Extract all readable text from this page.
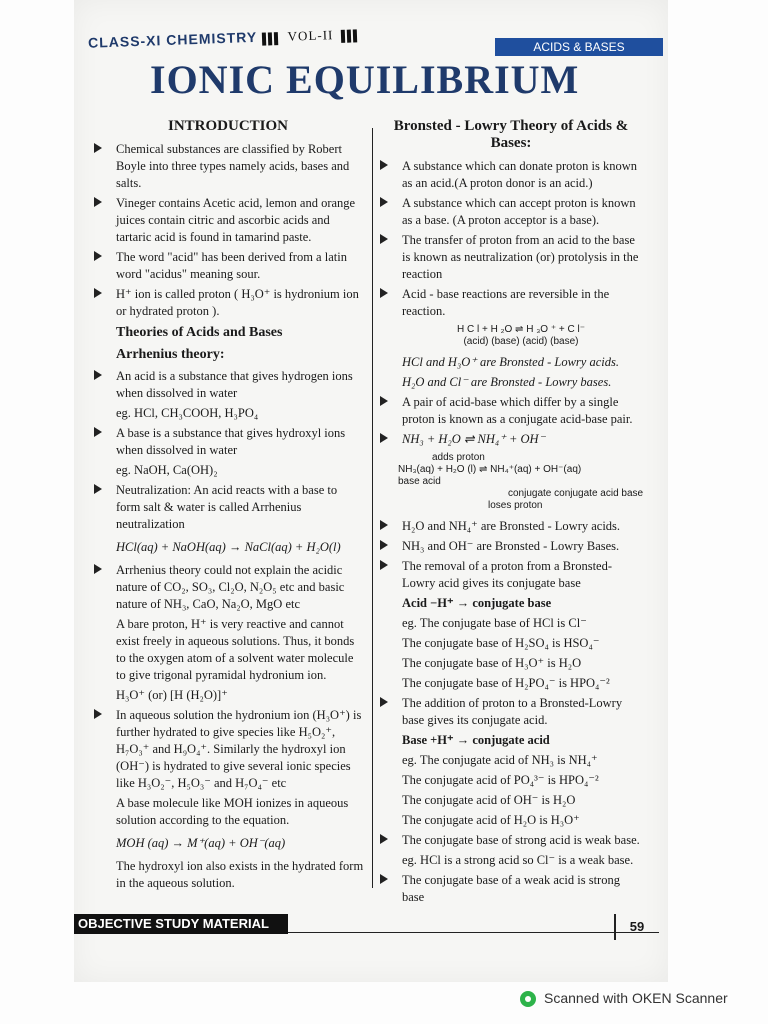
CLASS-XI CHEMISTRY VOL-II
ACIDS & BASES
IONIC EQUILIBRIUM
INTRODUCTION
Chemical substances are classified by Robert Boyle into three types namely acids, bases and salts.
Vineger contains Acetic acid, lemon and orange juices contain citric and ascorbic acids and tartaric acid is found in tamarind paste.
The word "acid" has been derived from a latin word "acidus" meaning sour.
H⁺ ion is called proton ( H₃O⁺ is hydronium ion or hydrated proton ).
Theories of Acids and Bases
Arrhenius theory:
An acid is a substance that gives hydrogen ions when dissolved in water
eg. HCl, CH₃COOH, H₃PO₄
A base is a substance that gives hydroxyl ions when dissolved in water
eg. NaOH, Ca(OH)₂
Neutralization: An acid reacts with a base to form salt & water is called Arrhenius neutralization
HCl(aq) + NaOH(aq) → NaCl(aq) + H₂O(l)
Arrhenius theory could not explain the acidic nature of CO₂, SO₃, Cl₂O, N₂O₅ etc and basic nature of NH₃, CaO, Na₂O, MgO etc
A bare proton, H⁺ is very reactive and cannot exist freely in aqueous solutions. Thus, it bonds to the oxygen atom of a solvent water molecule to give trigonal pyramidal hydronium ion.
H₃O⁺ (or) [H (H₂O)]⁺
In aqueous solution the hydronium ion (H₃O⁺) is further hydrated to give species like H₅O₂⁺, H₇O₃⁺ and H₉O₄⁺. Similarly the hydroxyl ion (OH⁻) is hydrated to give several ionic species like H₃O₂⁻, H₅O₃⁻ and H₇O₄⁻ etc
A base molecule like MOH ionizes in aqueous solution according to the equation.
MOH (aq) → M⁺(aq) + OH⁻(aq)
The hydroxyl ion also exists in the hydrated form in the aqueous solution.
Bronsted - Lowry Theory of Acids & Bases:
A substance which can donate proton is known as an acid.(A proton donor is an acid.)
A substance which can accept proton is known as a base. (A proton acceptor is a base).
The transfer of proton from an acid to the base is known as neutralization (or) protolysis in the reaction
Acid - base reactions are reversible in the reaction.
H C l + H ₂O ⇌ H ₃O ⁺ + C l⁻
(acid) (base) (acid) (base)
HCl and H₃O⁺ are Bronsted - Lowry acids.
H₂O and Cl⁻ are Bronsted - Lowry bases.
A pair of acid-base which differ by a single proton is known as a conjugate acid-base pair.
NH₃ + H₂O ⇌ NH₄⁺ + OH⁻
adds proton
NH₃(aq) + H₂O (l) ⇌ NH₄⁺(aq) + OH⁻(aq)
base acid
conjugate conjugate acid base
loses proton
H₂O and NH₄⁺ are Bronsted - Lowry acids.
NH₃ and OH⁻ are Bronsted - Lowry Bases.
The removal of a proton from a Bronsted-Lowry acid gives its conjugate base
Acid −H⁺ → conjugate base
eg. The conjugate base of HCl is Cl⁻
The conjugate base of H₂SO₄ is HSO₄⁻
The conjugate base of H₃O⁺ is H₂O
The conjugate base of H₂PO₄⁻ is HPO₄⁻²
The addition of proton to a Bronsted-Lowry base gives its conjugate acid.
Base +H⁺ → conjugate acid
eg. The conjugate acid of NH₃ is NH₄⁺
The conjugate acid of PO₄³⁻ is HPO₄⁻²
The conjugate acid of OH⁻ is H₂O
The conjugate acid of H₂O is H₃O⁺
The conjugate base of strong acid is weak base.
eg. HCl is a strong acid so Cl⁻ is a weak base.
The conjugate base of a weak acid is strong base
OBJECTIVE STUDY MATERIAL	59
Scanned with OKEN Scanner
